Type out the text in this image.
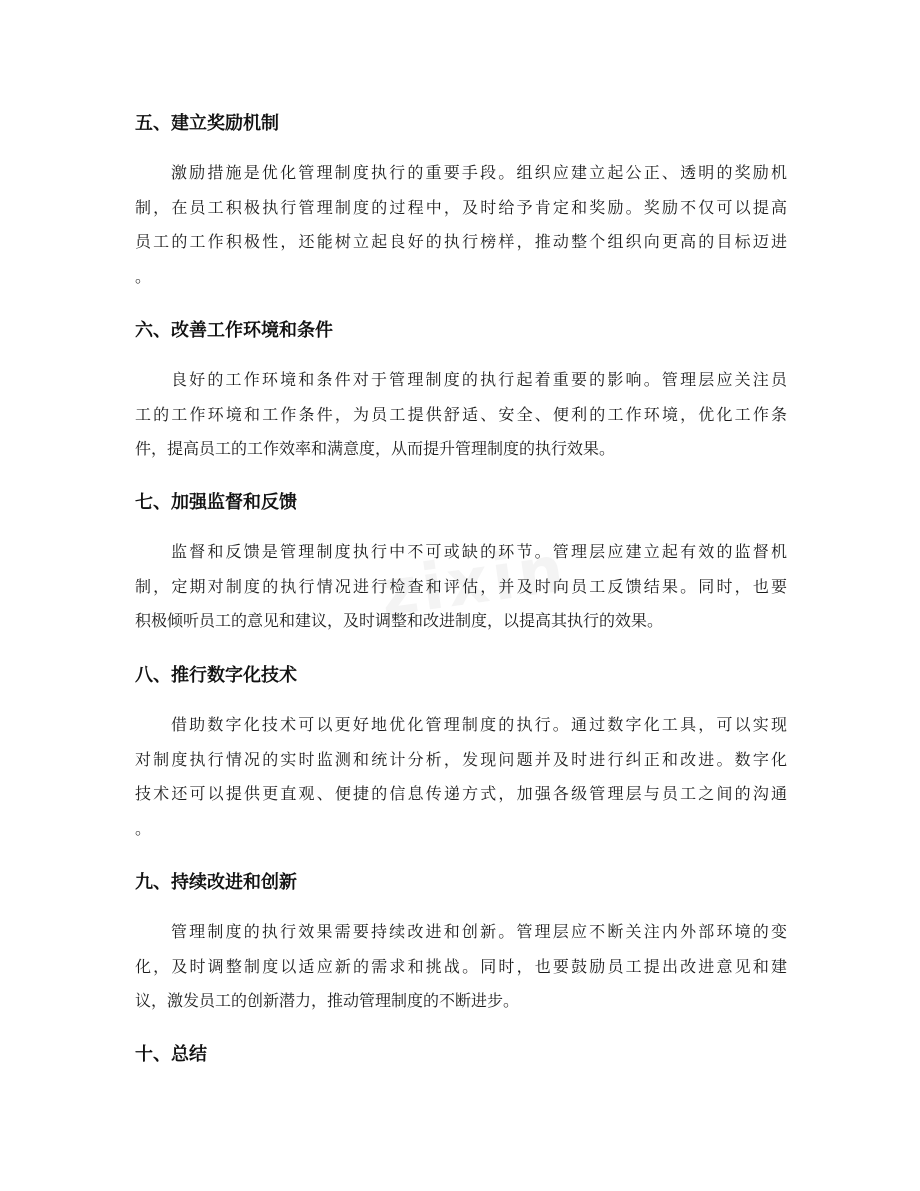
五、建立奖励机制
激励措施是优化管理制度执行的重要手段。组织应建立起公正、透明的奖励机
制，在员工积极执行管理制度的过程中，及时给予肯定和奖励。奖励不仅可以提高
员工的工作积极性，还能树立起良好的执行榜样，推动整个组织向更高的目标迈进
。
六、改善工作环境和条件
良好的工作环境和条件对于管理制度的执行起着重要的影响。管理层应关注员
工的工作环境和工作条件，为员工提供舒适、安全、便利的工作环境，优化工作条
件，提高员工的工作效率和满意度，从而提升管理制度的执行效果。
七、加强监督和反馈
监督和反馈是管理制度执行中不可或缺的环节。管理层应建立起有效的监督机
制，定期对制度的执行情况进行检查和评估，并及时向员工反馈结果。同时，也要
积极倾听员工的意见和建议，及时调整和改进制度，以提高其执行的效果。
八、推行数字化技术
借助数字化技术可以更好地优化管理制度的执行。通过数字化工具，可以实现
对制度执行情况的实时监测和统计分析，发现问题并及时进行纠正和改进。数字化
技术还可以提供更直观、便捷的信息传递方式，加强各级管理层与员工之间的沟通
。
九、持续改进和创新
管理制度的执行效果需要持续改进和创新。管理层应不断关注内外部环境的变
化，及时调整制度以适应新的需求和挑战。同时，也要鼓励员工提出改进意见和建
议，激发员工的创新潜力，推动管理制度的不断进步。
十、总结
